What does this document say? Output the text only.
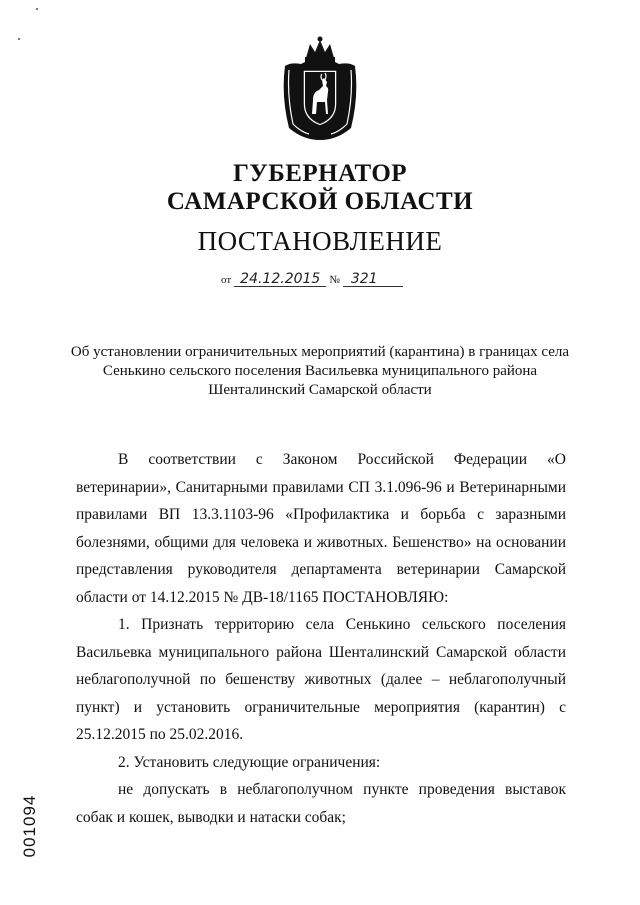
ГУБЕРНАТОР
САМАРСКОЙ ОБЛАСТИ
ПОСТАНОВЛЕНИЕ
от 24.12.2015 № 321
Об установлении ограничительных мероприятий (карантина) в границах села Сенькино сельского поселения Васильевка муниципального района Шенталинский Самарской области

В соответствии с Законом Российской Федерации «О ветеринарии», Санитарными правилами СП 3.1.096-96 и Ветеринарными правилами ВП 13.3.1103-96 «Профилактика и борьба с заразными болезнями, общими для человека и животных. Бешенство» на основании представления руководителя департамента ветеринарии Самарской области от 14.12.2015 № ДВ-18/1165 ПОСТАНОВЛЯЮ:

1. Признать территорию села Сенькино сельского поселения Васильевка муниципального района Шенталинский Самарской области неблагополучной по бешенству животных (далее – неблагополучный пункт) и установить ограничительные мероприятия (карантин) с 25.12.2015 по 25.02.2016.

2. Установить следующие ограничения:

не допускать в неблагополучном пункте проведения выставок собак и кошек, выводки и натаски собак;

001094
